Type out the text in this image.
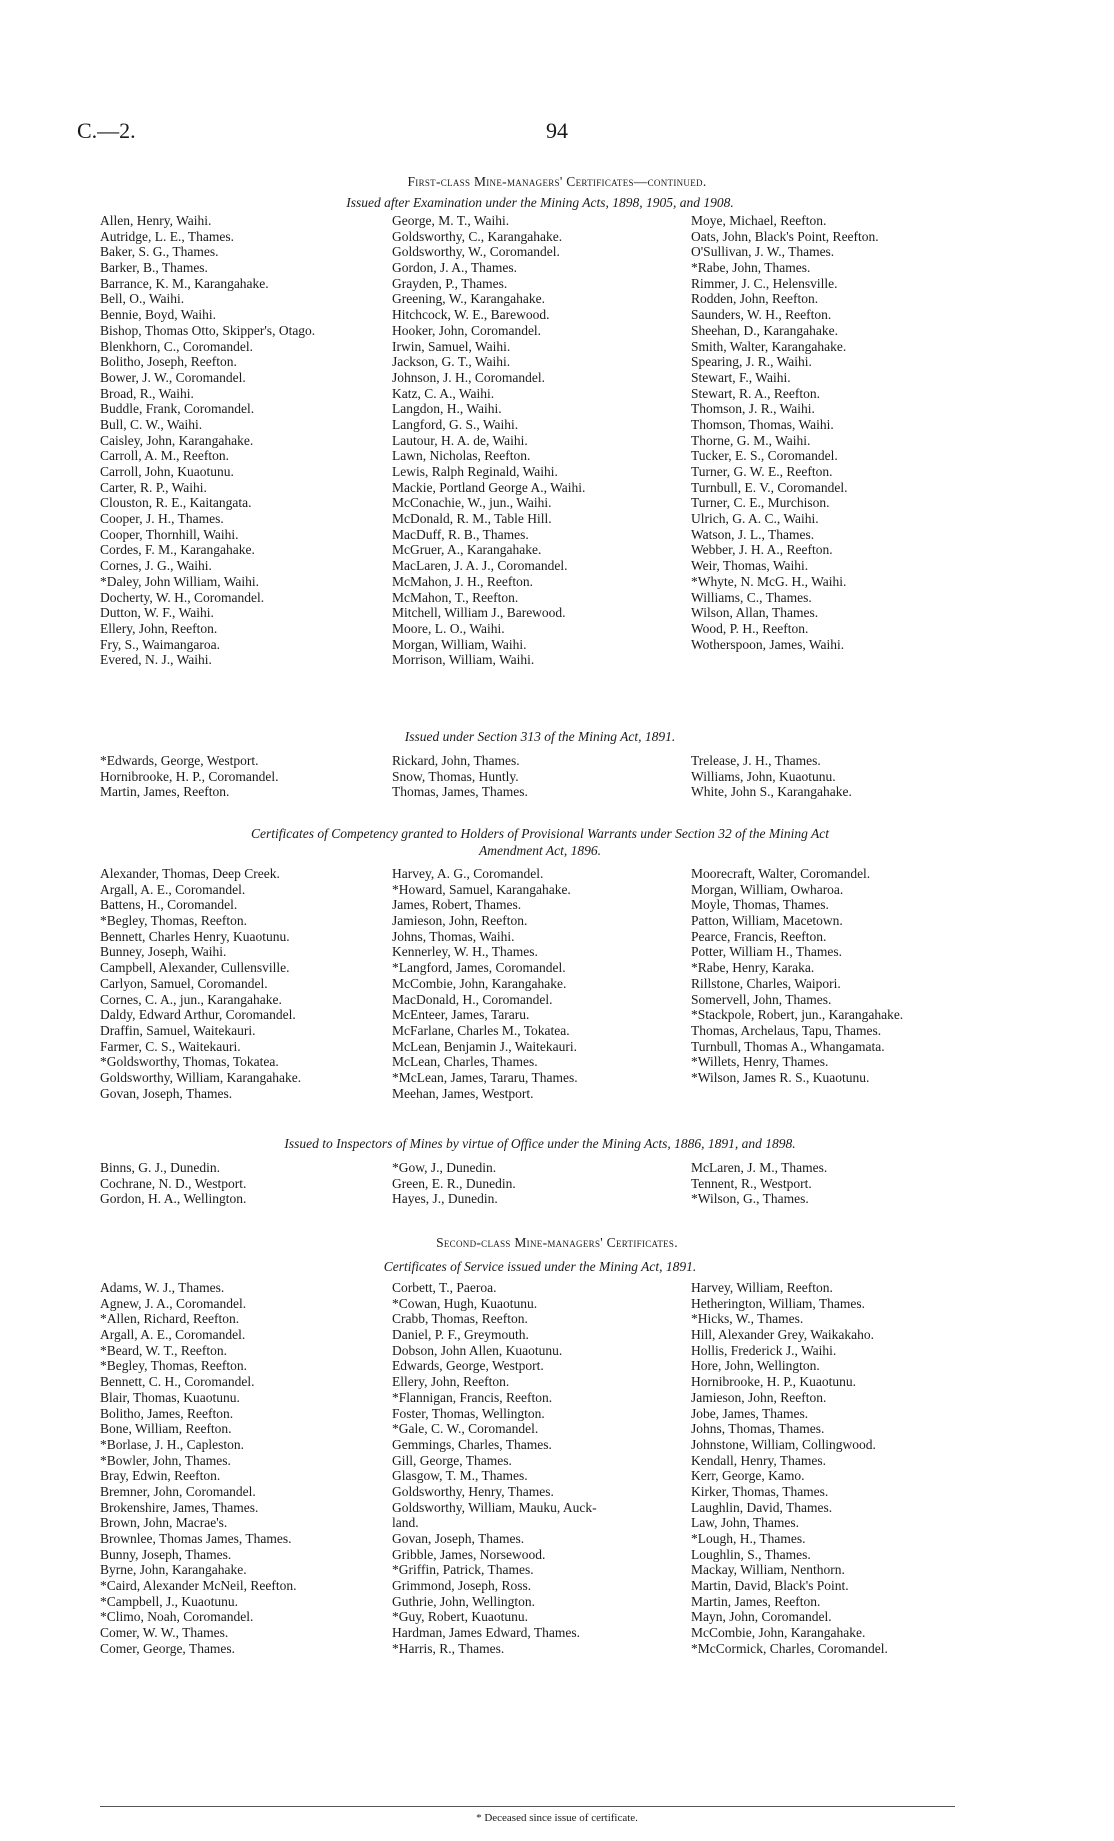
C.—2.	94
First-class Mine-managers' Certificates—continued.
Issued after Examination under the Mining Acts, 1898, 1905, and 1908.
Allen, Henry, Waihi.
Autridge, L. E., Thames.
Baker, S. G., Thames.
Barker, B., Thames.
Barrance, K. M., Karangahake.
Bell, O., Waihi.
Bennie, Boyd, Waihi.
Bishop, Thomas Otto, Skipper's, Otago.
Blenkhorn, C., Coromandel.
Bolitho, Joseph, Reefton.
Bower, J. W., Coromandel.
Broad, R., Waihi.
Buddle, Frank, Coromandel.
Bull, C. W., Waihi.
Caisley, John, Karangahake.
Carroll, A. M., Reefton.
Carroll, John, Kuaotunu.
Carter, R. P., Waihi.
Clouston, R. E., Kaitangata.
Cooper, J. H., Thames.
Cooper, Thornhill, Waihi.
Cordes, F. M., Karangahake.
Cornes, J. G., Waihi.
*Daley, John William, Waihi.
Docherty, W. H., Coromandel.
Dutton, W. F., Waihi.
Ellery, John, Reefton.
Fry, S., Waimangaroa.
Evered, N. J., Waihi.
George, M. T., Waihi.
Goldsworthy, C., Karangahake.
Goldsworthy, W., Coromandel.
Gordon, J. A., Thames.
Grayden, P., Thames.
Greening, W., Karangahake.
Hitchcock, W. E., Barewood.
Hooker, John, Coromandel.
Irwin, Samuel, Waihi.
Jackson, G. T., Waihi.
Johnson, J. H., Coromandel.
Katz, C. A., Waihi.
Langdon, H., Waihi.
Langford, G. S., Waihi.
Lautour, H. A. de, Waihi.
Lawn, Nicholas, Reefton.
Lewis, Ralph Reginald, Waihi.
Mackie, Portland George A., Waihi.
McConachie, W., jun., Waihi.
McDonald, R. M., Table Hill.
MacDuff, R. B., Thames.
McGruer, A., Karangahake.
MacLaren, J. A. J., Coromandel.
McMahon, J. H., Reefton.
McMahon, T., Reefton.
Mitchell, William J., Barewood.
Moore, L. O., Waihi.
Morgan, William, Waihi.
Morrison, William, Waihi.
Moye, Michael, Reefton.
Oats, John, Black's Point, Reefton.
O'Sullivan, J. W., Thames.
*Rabe, John, Thames.
Rimmer, J. C., Helensville.
Rodden, John, Reefton.
Saunders, W. H., Reefton.
Sheehan, D., Karangahake.
Smith, Walter, Karangahake.
Spearing, J. R., Waihi.
Stewart, F., Waihi.
Stewart, R. A., Reefton.
Thomson, J. R., Waihi.
Thomson, Thomas, Waihi.
Thorne, G. M., Waihi.
Tucker, E. S., Coromandel.
Turner, G. W. E., Reefton.
Turnbull, E. V., Coromandel.
Turner, C. E., Murchison.
Ulrich, G. A. C., Waihi.
Watson, J. L., Thames.
Webber, J. H. A., Reefton.
Weir, Thomas, Waihi.
*Whyte, N. McG. H., Waihi.
Williams, C., Thames.
Wilson, Allan, Thames.
Wood, P. H., Reefton.
Wotherspoon, James, Waihi.
Issued under Section 313 of the Mining Act, 1891.
*Edwards, George, Westport.
Hornibrooke, H. P., Coromandel.
Martin, James, Reefton.
Rickard, John, Thames.
Snow, Thomas, Huntly.
Thomas, James, Thames.
Trelease, J. H., Thames.
Williams, John, Kuaotunu.
White, John S., Karangahake.
Certificates of Competency granted to Holders of Provisional Warrants under Section 32 of the Mining Act
Amendment Act, 1896.
Alexander, Thomas, Deep Creek.
Argall, A. E., Coromandel.
Battens, H., Coromandel.
*Begley, Thomas, Reefton.
Bennett, Charles Henry, Kuaotunu.
Bunney, Joseph, Waihi.
Campbell, Alexander, Cullensville.
Carlyon, Samuel, Coromandel.
Cornes, C. A., jun., Karangahake.
Daldy, Edward Arthur, Coromandel.
Draffin, Samuel, Waitekauri.
Farmer, C. S., Waitekauri.
*Goldsworthy, Thomas, Tokatea.
Goldsworthy, William, Karangahake.
Govan, Joseph, Thames.
Harvey, A. G., Coromandel.
*Howard, Samuel, Karangahake.
James, Robert, Thames.
Jamieson, John, Reefton.
Johns, Thomas, Waihi.
Kennerley, W. H., Thames.
*Langford, James, Coromandel.
McCombie, John, Karangahake.
MacDonald, H., Coromandel.
McEnteer, James, Tararu.
McFarlane, Charles M., Tokatea.
McLean, Benjamin J., Waitekauri.
McLean, Charles, Thames.
*McLean, James, Tararu, Thames.
Meehan, James, Westport.
Moorecraft, Walter, Coromandel.
Morgan, William, Owharoa.
Moyle, Thomas, Thames.
Patton, William, Macetown.
Pearce, Francis, Reefton.
Potter, William H., Thames.
*Rabe, Henry, Karaka.
Rillstone, Charles, Waipori.
Somervell, John, Thames.
*Stackpole, Robert, jun., Karangahake.
Thomas, Archelaus, Tapu, Thames.
Turnbull, Thomas A., Whangamata.
*Willets, Henry, Thames.
*Wilson, James R. S., Kuaotunu.
Issued to Inspectors of Mines by virtue of Office under the Mining Acts, 1886, 1891, and 1898.
Binns, G. J., Dunedin.
Cochrane, N. D., Westport.
Gordon, H. A., Wellington.
*Gow, J., Dunedin.
Green, E. R., Dunedin.
Hayes, J., Dunedin.
McLaren, J. M., Thames.
Tennent, R., Westport.
*Wilson, G., Thames.
Second-class Mine-managers' Certificates.
Certificates of Service issued under the Mining Act, 1891.
Adams, W. J., Thames.
Agnew, J. A., Coromandel.
*Allen, Richard, Reefton.
Argall, A. E., Coromandel.
*Beard, W. T., Reefton.
*Begley, Thomas, Reefton.
Bennett, C. H., Coromandel.
Blair, Thomas, Kuaotunu.
Bolitho, James, Reefton.
Bone, William, Reefton.
*Borlase, J. H., Capleston.
*Bowler, John, Thames.
Bray, Edwin, Reefton.
Bremner, John, Coromandel.
Brokenshire, James, Thames.
Brown, John, Macrae's.
Brownlee, Thomas James, Thames.
Bunny, Joseph, Thames.
Byrne, John, Karangahake.
*Caird, Alexander McNeil, Reefton.
*Campbell, J., Kuaotunu.
*Climo, Noah, Coromandel.
Comer, W. W., Thames.
Comer, George, Thames.
Corbett, T., Paeroa.
*Cowan, Hugh, Kuaotunu.
Crabb, Thomas, Reefton.
Daniel, P. F., Greymouth.
Dobson, John Allen, Kuaotunu.
Edwards, George, Westport.
Ellery, John, Reefton.
*Flannigan, Francis, Reefton.
Foster, Thomas, Wellington.
*Gale, C. W., Coromandel.
Gemmings, Charles, Thames.
Gill, George, Thames.
Glasgow, T. M., Thames.
Goldsworthy, Henry, Thames.
Goldsworthy, William, Mauku, Auck-
land.
Govan, Joseph, Thames.
Gribble, James, Norsewood.
*Griffin, Patrick, Thames.
Grimmond, Joseph, Ross.
Guthrie, John, Wellington.
*Guy, Robert, Kuaotunu.
Hardman, James Edward, Thames.
*Harris, R., Thames.
Harvey, William, Reefton.
Hetherington, William, Thames.
*Hicks, W., Thames.
Hill, Alexander Grey, Waikakaho.
Hollis, Frederick J., Waihi.
Hore, John, Wellington.
Hornibrooke, H. P., Kuaotunu.
Jamieson, John, Reefton.
Jobe, James, Thames.
Johns, Thomas, Thames.
Johnstone, William, Collingwood.
Kendall, Henry, Thames.
Kerr, George, Kamo.
Kirker, Thomas, Thames.
Laughlin, David, Thames.
Law, John, Thames.
*Lough, H., Thames.
Loughlin, S., Thames.
Mackay, William, Nenthorn.
Martin, David, Black's Point.
Martin, James, Reefton.
Mayn, John, Coromandel.
McCombie, John, Karangahake.
*McCormick, Charles, Coromandel.
* Deceased since issue of certificate.
